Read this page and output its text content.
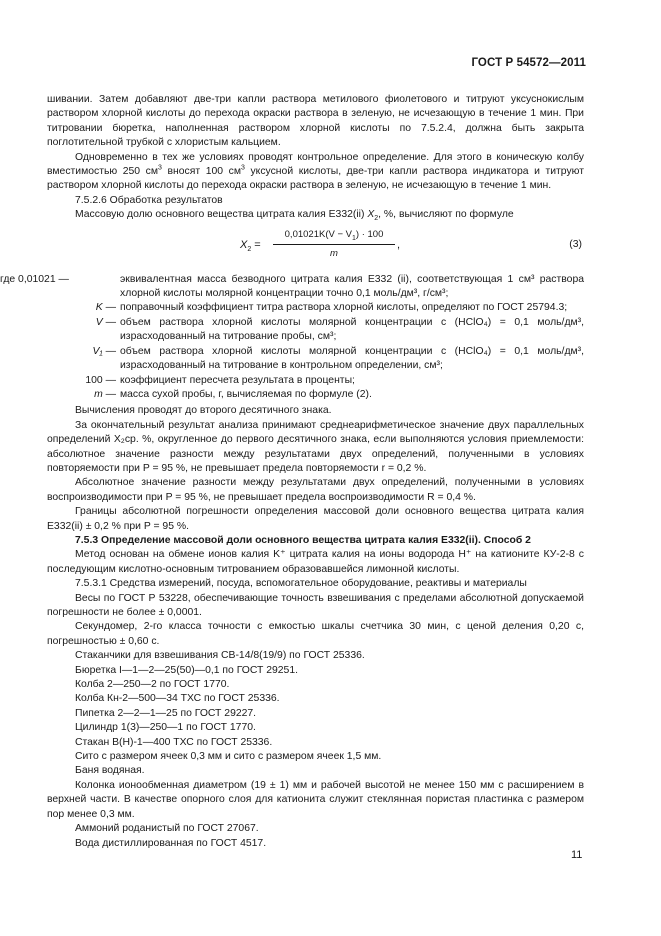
ГОСТ Р 54572—2011

шивании. Затем добавляют две-три капли раствора метилового фиолетового и титруют уксуснокислым раствором хлорной кислоты до перехода окраски раствора в зеленую, не исчезающую в течение 1 мин. При титровании бюретка, наполненная раствором хлорной кислоты по 7.5.2.4, должна быть закрыта поглотительной трубкой с хлористым кальцием.

Одновременно в тех же условиях проводят контрольное определение. Для этого в коническую колбу вместимостью 250 $см^3$ вносят 100 $см^3$ уксусной кислоты, две-три капли раствора индикатора и титруют раствором хлорной кислоты до перехода окраски раствора в зеленую, не исчезающую в течение 1 мин.

7.5.2.6 Обработка результатов

Массовую долю основного вещества цитрата калия Е332(ii) $X_2$, %, вычисляют по формуле

$X_2 = \frac{0,01021K(V - V_1) \cdot 100}{m}$ ,	(3)
где 0,01021 —	эквивалентная масса безводного цитрата калия Е332 (ii), соответствующая 1 см³ раствора хлорной кислоты молярной концентрации точно 0,1 моль/дм³, г/см³;
K — поправочный коэффициент титра раствора хлорной кислоты, определяют по ГОСТ 25794.3;
V — объем раствора хлорной кислоты молярной концентрации c (HClO₄) = 0,1 моль/дм³, израсходованный на титрование пробы, см³;
V₁ — объем раствора хлорной кислоты молярной концентрации c (HClO₄) = 0,1 моль/дм³, израсходованный на титрование в контрольном определении, см³;
100 — коэффициент пересчета результата в проценты;
m — масса сухой пробы, г, вычисляемая по формуле (2).

Вычисления проводят до второго десятичного знака.

За окончательный результат анализа принимают среднеарифметическое значение двух параллельных определений X₂ср. %, округленное до первого десятичного знака, если выполняются условия приемлемости: абсолютное значение разности между результатами двух определений, полученными в условиях повторяемости при P = 95 %, не превышает предела повторяемости r = 0,2 %.

Абсолютное значение разности между результатами двух определений, полученными в условиях воспроизводимости при P = 95 %, не превышает предела воспроизводимости R = 0,4 %.

Границы абсолютной погрешности определения массовой доли основного вещества цитрата калия Е332(ii) ± 0,2 % при P = 95 %.

7.5.3 Определение массовой доли основного вещества цитрата калия Е332(ii). Способ 2

Метод основан на обмене ионов калия K⁺ цитрата калия на ионы водорода H⁺ на катионите КУ-2-8 с последующим кислотно-основным титрованием образовавшейся лимонной кислоты.

7.5.3.1 Средства измерений, посуда, вспомогательное оборудование, реактивы и материалы

Весы по ГОСТ Р 53228, обеспечивающие точность взвешивания с пределами абсолютной допускаемой погрешности не более ± 0,0001.

Секундомер, 2-го класса точности с емкостью шкалы счетчика 30 мин, с ценой деления 0,20 с, погрешностью ± 0,60 с.

Стаканчики для взвешивания СВ-14/8(19/9) по ГОСТ 25336.

Бюретка I—1—2—25(50)—0,1 по ГОСТ 29251.

Колба 2—250—2 по ГОСТ 1770.

Колба Кн-2—500—34 ТХС по ГОСТ 25336.

Пипетка 2—2—1—25 по ГОСТ 29227.

Цилиндр 1(3)—250—1 по ГОСТ 1770.

Стакан В(Н)-1—400 ТХС по ГОСТ 25336.

Сито с размером ячеек 0,3 мм и сито с размером ячеек 1,5 мм.

Баня водяная.

Колонка ионообменная диаметром (19 ± 1) мм и рабочей высотой не менее 150 мм с расширением в верхней части. В качестве опорного слоя для катионита служит стеклянная пористая пластинка с размером пор менее 0,3 мм.

Аммоний роданистый по ГОСТ 27067.

Вода дистиллированная по ГОСТ 4517.

11
